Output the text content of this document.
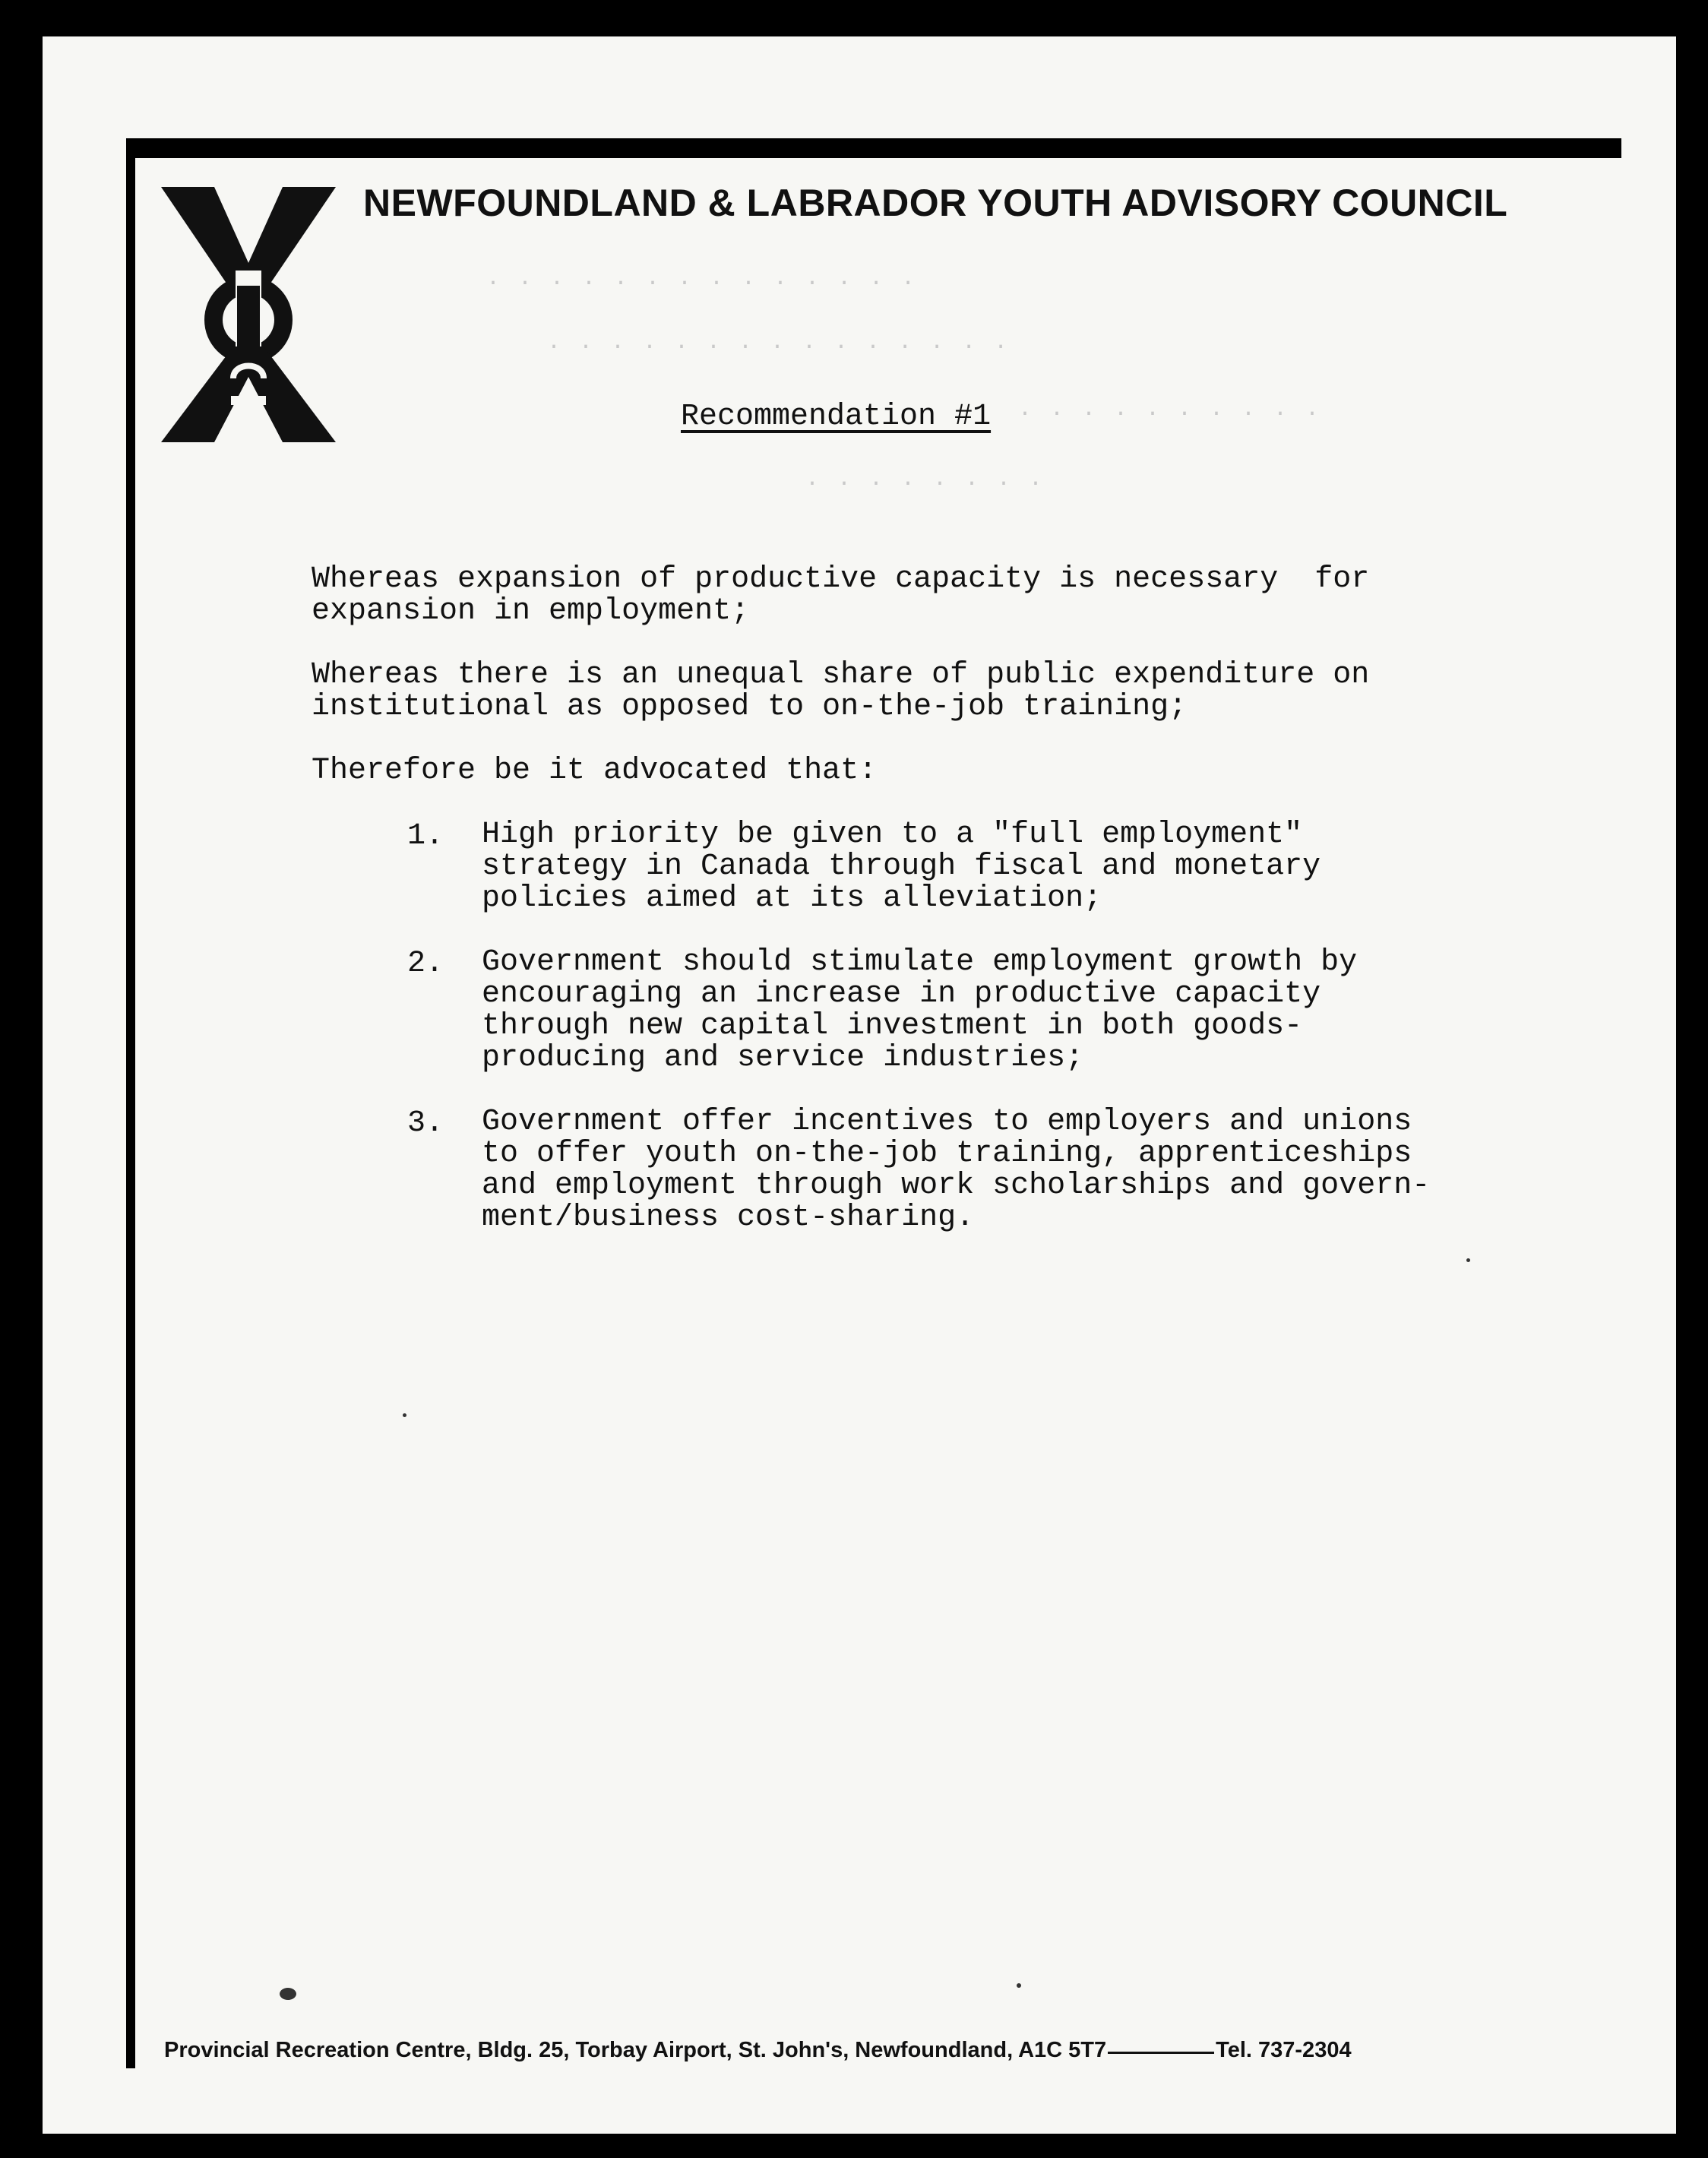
NEWFOUNDLAND & LABRADOR YOUTH ADVISORY COUNCIL
· · · · · · · · · · · · · ·
· · · · · · · · · · · · · · ·
· · · · · · · · · ·
· · · · · · · ·
Recommendation #1
Whereas expansion of productive capacity is necessary  for
expansion in employment;
Whereas there is an unequal share of public expenditure on
institutional as opposed to on-the-job training;
Therefore be it advocated that:
1. High priority be given to a "full employment"
strategy in Canada through fiscal and monetary
policies aimed at its alleviation;
2. Government should stimulate employment growth by
encouraging an increase in productive capacity
through new capital investment in both goods-
producing and service industries;
3. Government offer incentives to employers and unions
to offer youth on-the-job training, apprenticeships
and employment through work scholarships and govern-
ment/business cost-sharing.
Provincial Recreation Centre, Bldg. 25, Torbay Airport, St. John's, Newfoundland, A1C 5T7	Tel. 737-2304
